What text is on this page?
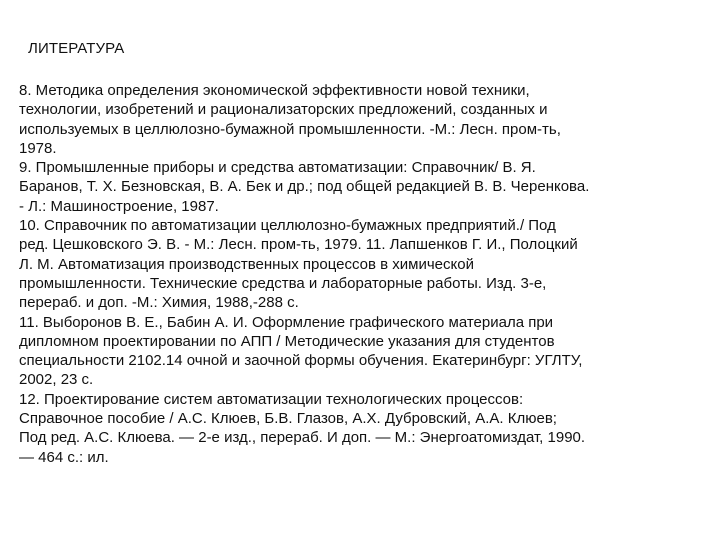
ЛИТЕРАТУРА
8. Методика определения экономической эффективности новой техники,
технологии, изобретений и рационализаторских предложений, созданных и
используемых в целлюлозно-бумажной промышленности. -М.: Лесн. пром-ть,
1978.
9. Промышленные приборы и средства автоматизации: Справочник/ В. Я.
Баранов, Т. Х. Безновская, В. А. Бек и др.; под общей редакцией В. В. Черенкова.
- Л.: Машиностроение, 1987.
10. Справочник по автоматизации целлюлозно-бумажных предприятий./ Под
ред. Цешковского Э. В. - М.: Лесн. пром-ть, 1979. 11. Лапшенков Г. И., Полоцкий
Л. М. Автоматизация производственных процессов в химической
промышленности. Технические средства и лабораторные работы. Изд. 3-е,
перераб. и доп. -М.: Химия, 1988,-288 с.
11. Выборонов В. Е., Бабин А. И. Оформление графического материала при
дипломном проектировании по АПП / Методические указания для студентов
специальности 2102.14 очной и заочной формы обучения. Екатеринбург: УГЛТУ,
2002, 23 с.
12. Проектирование систем автоматизации технологических процессов:
Справочное пособие / А.С. Клюев, Б.В. Глазов, А.Х. Дубровский, А.А. Клюев;
Под ред. А.С. Клюева. — 2-е изд., перераб. И доп. — М.: Энергоатомиздат, 1990.
— 464 с.: ил.
